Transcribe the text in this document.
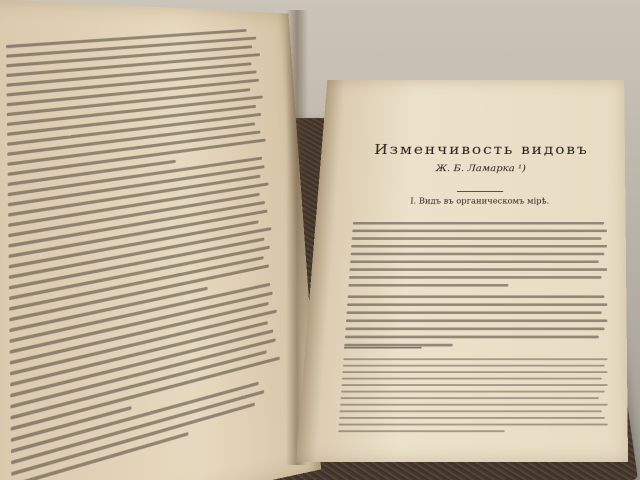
Изменчивость видовъ
Ж. Б. Ламарка ¹)
I. Видъ въ органическомъ мірѣ.
